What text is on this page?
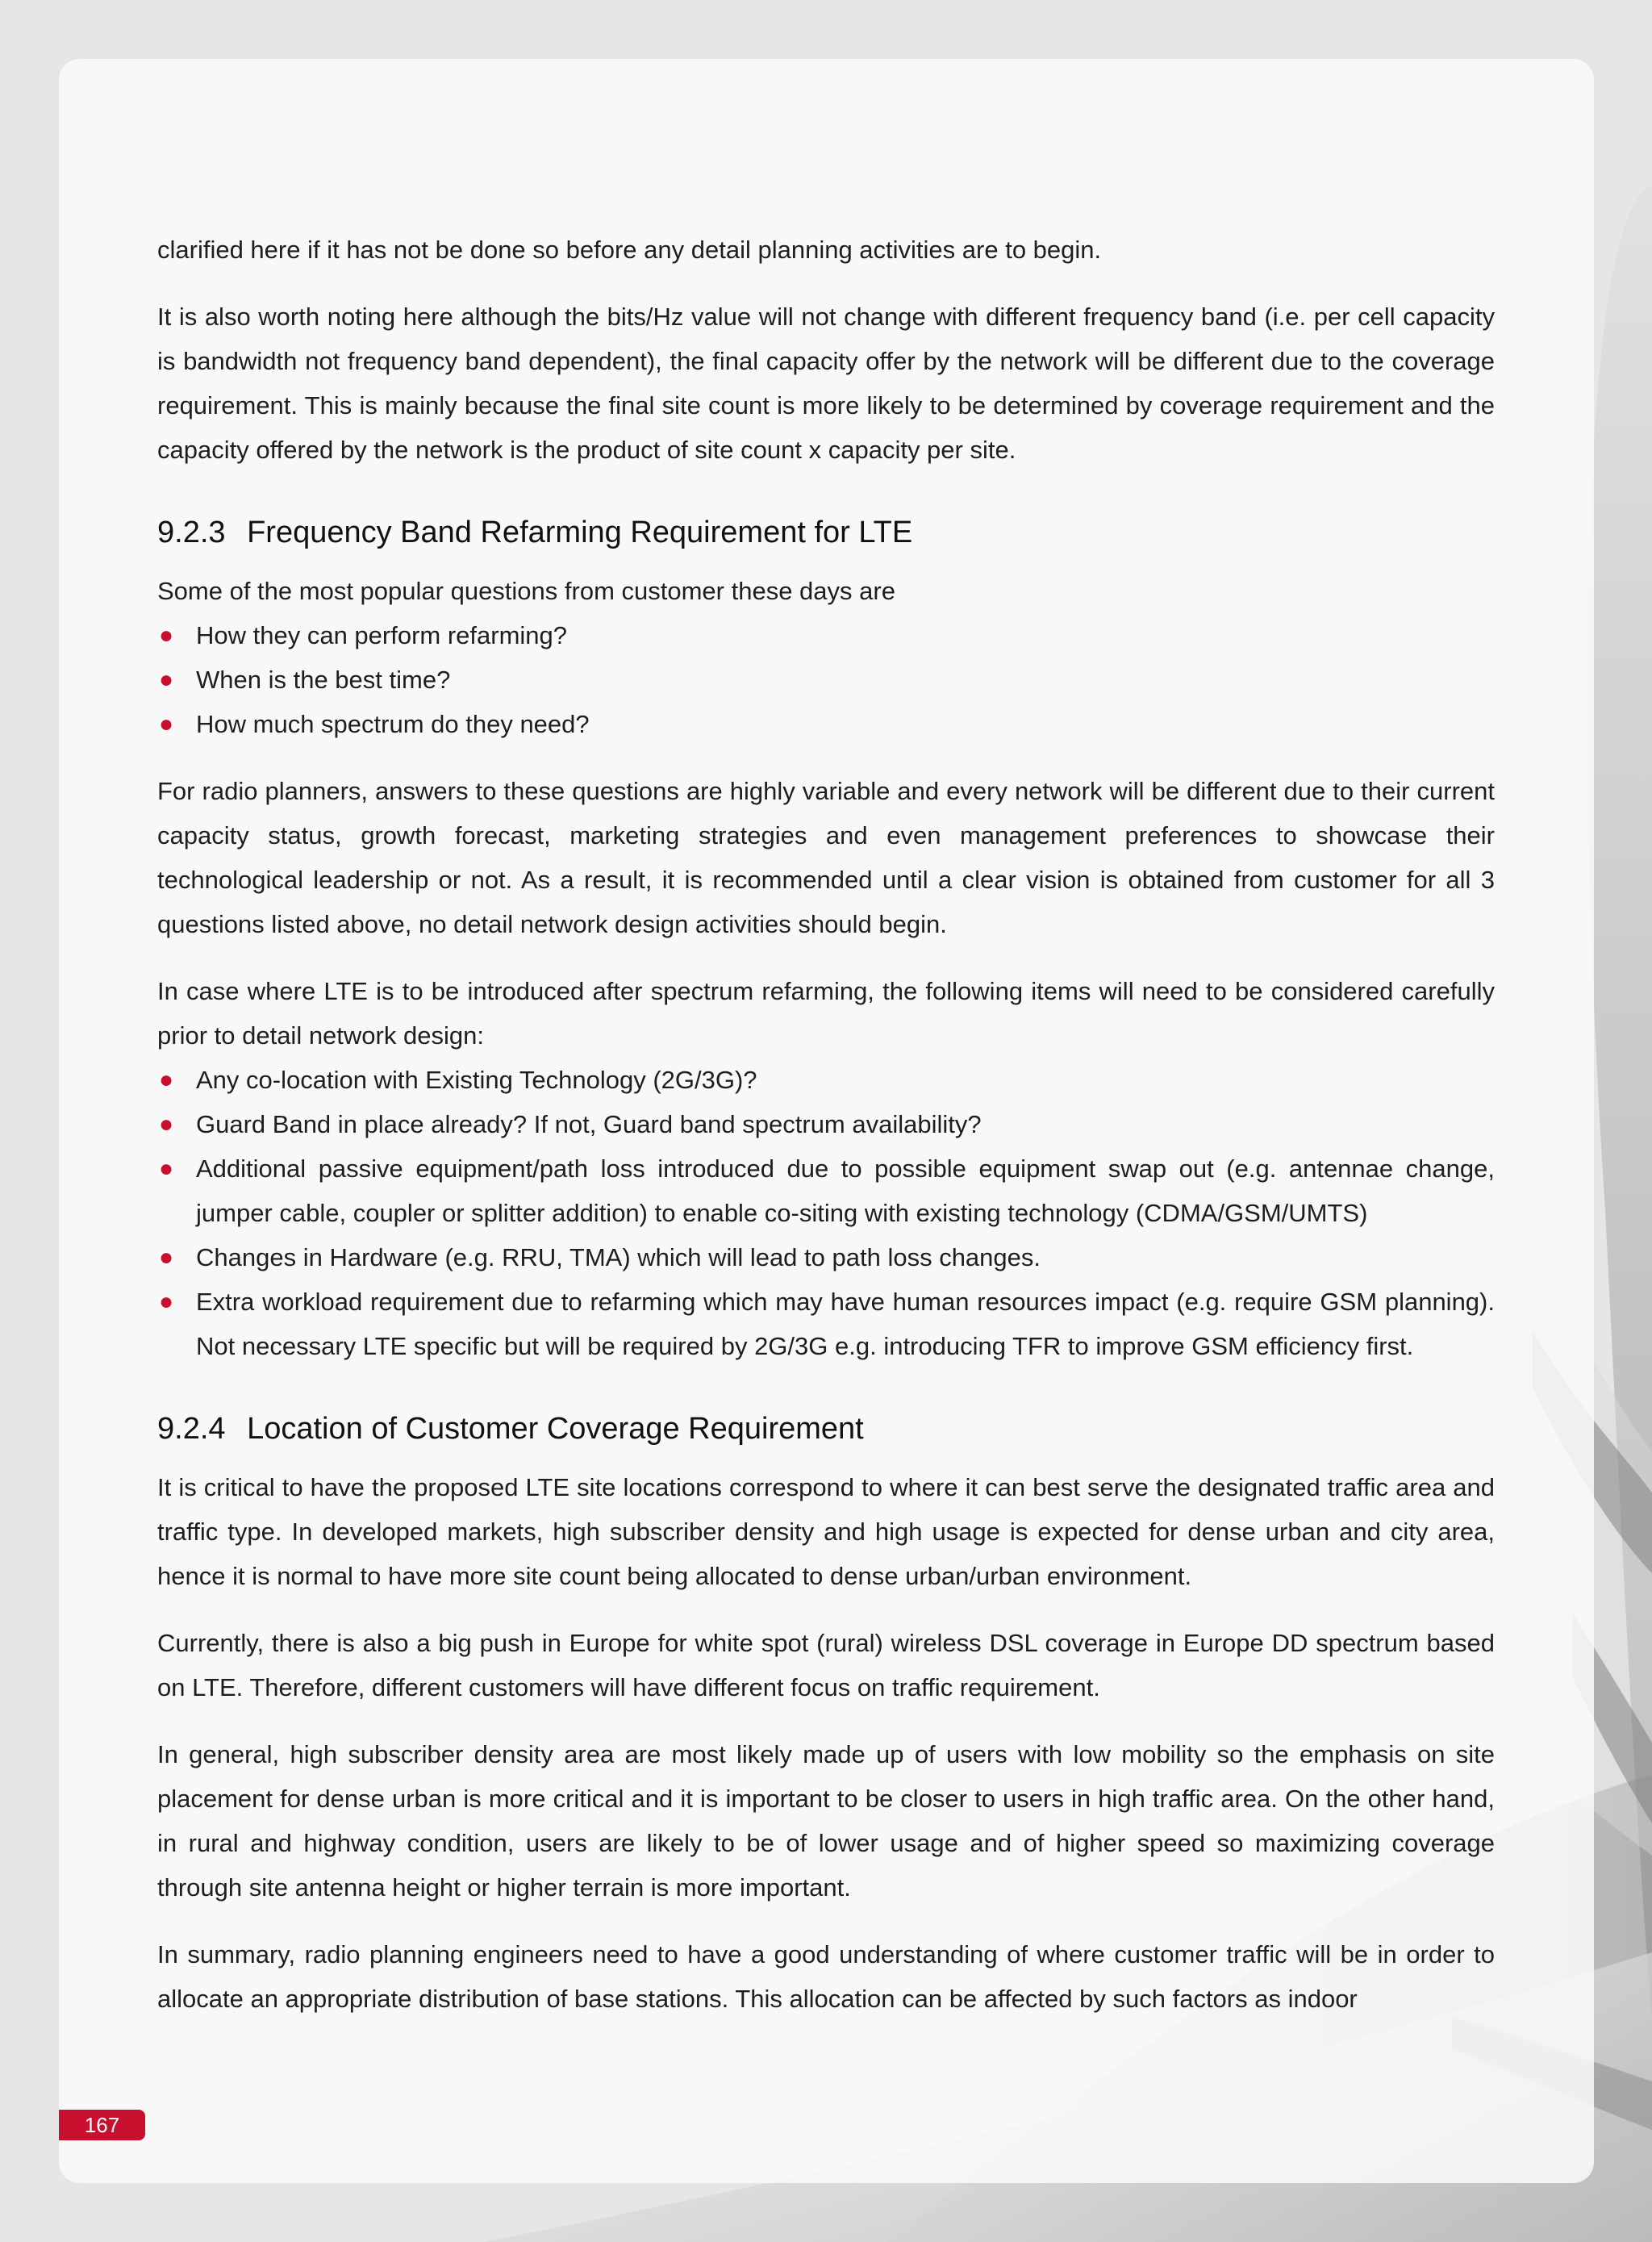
clarified here if it has not be done so before any detail planning activities are to begin.

It is also worth noting here although the bits/Hz value will not change with different frequency band (i.e. per cell capacity is bandwidth not frequency band dependent), the final capacity offer by the network will be different due to the coverage requirement. This is mainly because the final site count is more likely to be determined by coverage requirement and the capacity offered by the network is the product of site count x capacity per site.

9.2.3 Frequency Band Refarming Requirement for LTE

Some of the most popular questions from customer these days are

● How they can perform refarming?
● When is the best time?
● How much spectrum do they need?

For radio planners, answers to these questions are highly variable and every network will be different due to their current capacity status, growth forecast, marketing strategies and even management preferences to showcase their technological leadership or not. As a result, it is recommended until a clear vision is obtained from customer for all 3 questions listed above, no detail network design activities should begin.

In case where LTE is to be introduced after spectrum refarming, the following items will need to be considered carefully prior to detail network design:

● Any co-location with Existing Technology (2G/3G)?
● Guard Band in place already? If not, Guard band spectrum availability?
● Additional passive equipment/path loss introduced due to possible equipment swap out (e.g. antennae change, jumper cable, coupler or splitter addition) to enable co-siting with existing technology (CDMA/GSM/UMTS)
● Changes in Hardware (e.g. RRU, TMA) which will lead to path loss changes.
● Extra workload requirement due to refarming which may have human resources impact (e.g. require GSM planning). Not necessary LTE specific but will be required by 2G/3G e.g. introducing TFR to improve GSM efficiency first.
9.2.4 Location of Customer Coverage Requirement

It is critical to have the proposed LTE site locations correspond to where it can best serve the designated traffic area and traffic type. In developed markets, high subscriber density and high usage is expected for dense urban and city area, hence it is normal to have more site count being allocated to dense urban/urban environment.

Currently, there is also a big push in Europe for white spot (rural) wireless DSL coverage in Europe DD spectrum based on LTE. Therefore, different customers will have different focus on traffic requirement.

In general, high subscriber density area are most likely made up of users with low mobility so the emphasis on site placement for dense urban is more critical and it is important to be closer to users in high traffic area. On the other hand, in rural and highway condition, users are likely to be of lower usage and of higher speed so maximizing coverage through site antenna height or higher terrain is more important.

In summary, radio planning engineers need to have a good understanding of where customer traffic will be in order to allocate an appropriate distribution of base stations. This allocation can be affected by such factors as indoor

167
